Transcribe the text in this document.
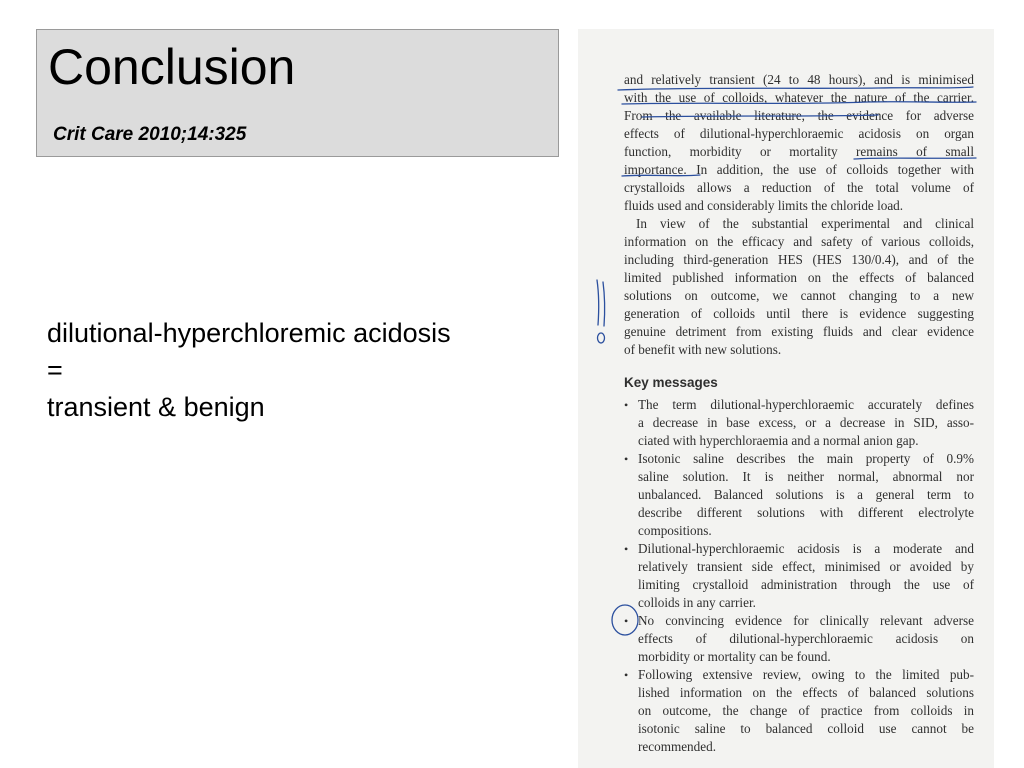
Conclusion
Crit Care 2010;14:325
dilutional-hyperchloremic acidosis
=
transient & benign
and relatively transient (24 to 48 hours), and is minimised
with the use of colloids, whatever the nature of the carrier.
From the available literature, the evidence for adverse
effects of dilutional-hyperchloraemic acidosis on organ
function, morbidity or mortality remains of small
importance. In addition, the use of colloids together with
crystalloids allows a reduction of the total volume of
fluids used and considerably limits the chloride load.
In view of the substantial experimental and clinical
information on the efficacy and safety of various colloids,
including third-generation HES (HES 130/0.4), and of the
limited published information on the effects of balanced
solutions on outcome, we cannot changing to a new
generation of colloids until there is evidence suggesting
genuine detriment from existing fluids and clear evidence
of benefit with new solutions.
Key messages
• The term dilutional-hyperchloraemic accurately defines
a decrease in base excess, or a decrease in SID, asso-
ciated with hyperchloraemia and a normal anion gap.
• Isotonic saline describes the main property of 0.9%
saline solution. It is neither normal, abnormal nor
unbalanced. Balanced solutions is a general term to
describe different solutions with different electrolyte
compositions.
• Dilutional-hyperchloraemic acidosis is a moderate and
relatively transient side effect, minimised or avoided by
limiting crystalloid administration through the use of
colloids in any carrier.
• No convincing evidence for clinically relevant adverse
effects of dilutional-hyperchloraemic acidosis on
morbidity or mortality can be found.
• Following extensive review, owing to the limited pub-
lished information on the effects of balanced solutions
on outcome, the change of practice from colloids in
isotonic saline to balanced colloid use cannot be
recommended.
